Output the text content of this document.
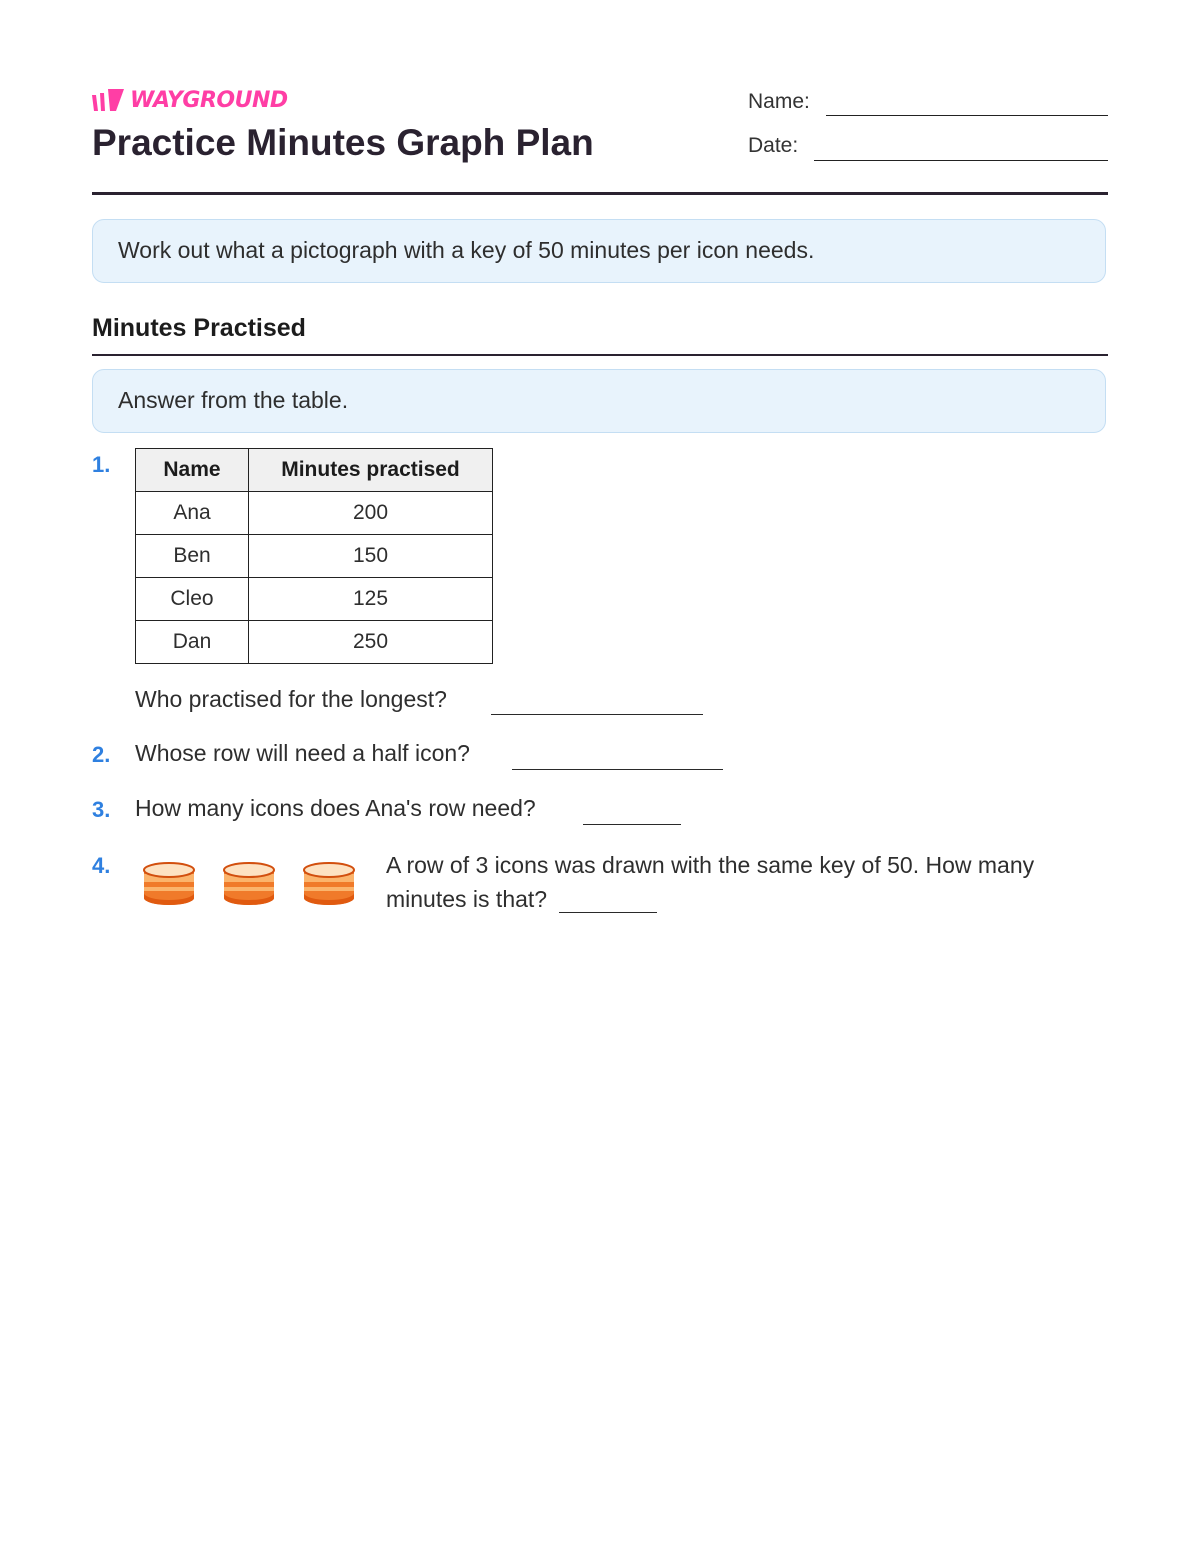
WAYGROUND
Practice Minutes Graph Plan
Name:
Date:
Work out what a pictograph with a key of 50 minutes per icon needs.
Minutes Practised
Answer from the table.
1.	Name	Minutes practised
Ana	200
Ben	150
Cleo	125
Dan	250
Who practised for the longest?
2. Whose row will need a half icon?
3. How many icons does Ana's row need?
4.	A row of 3 icons was drawn with the same key of 50. How many minutes is that?
